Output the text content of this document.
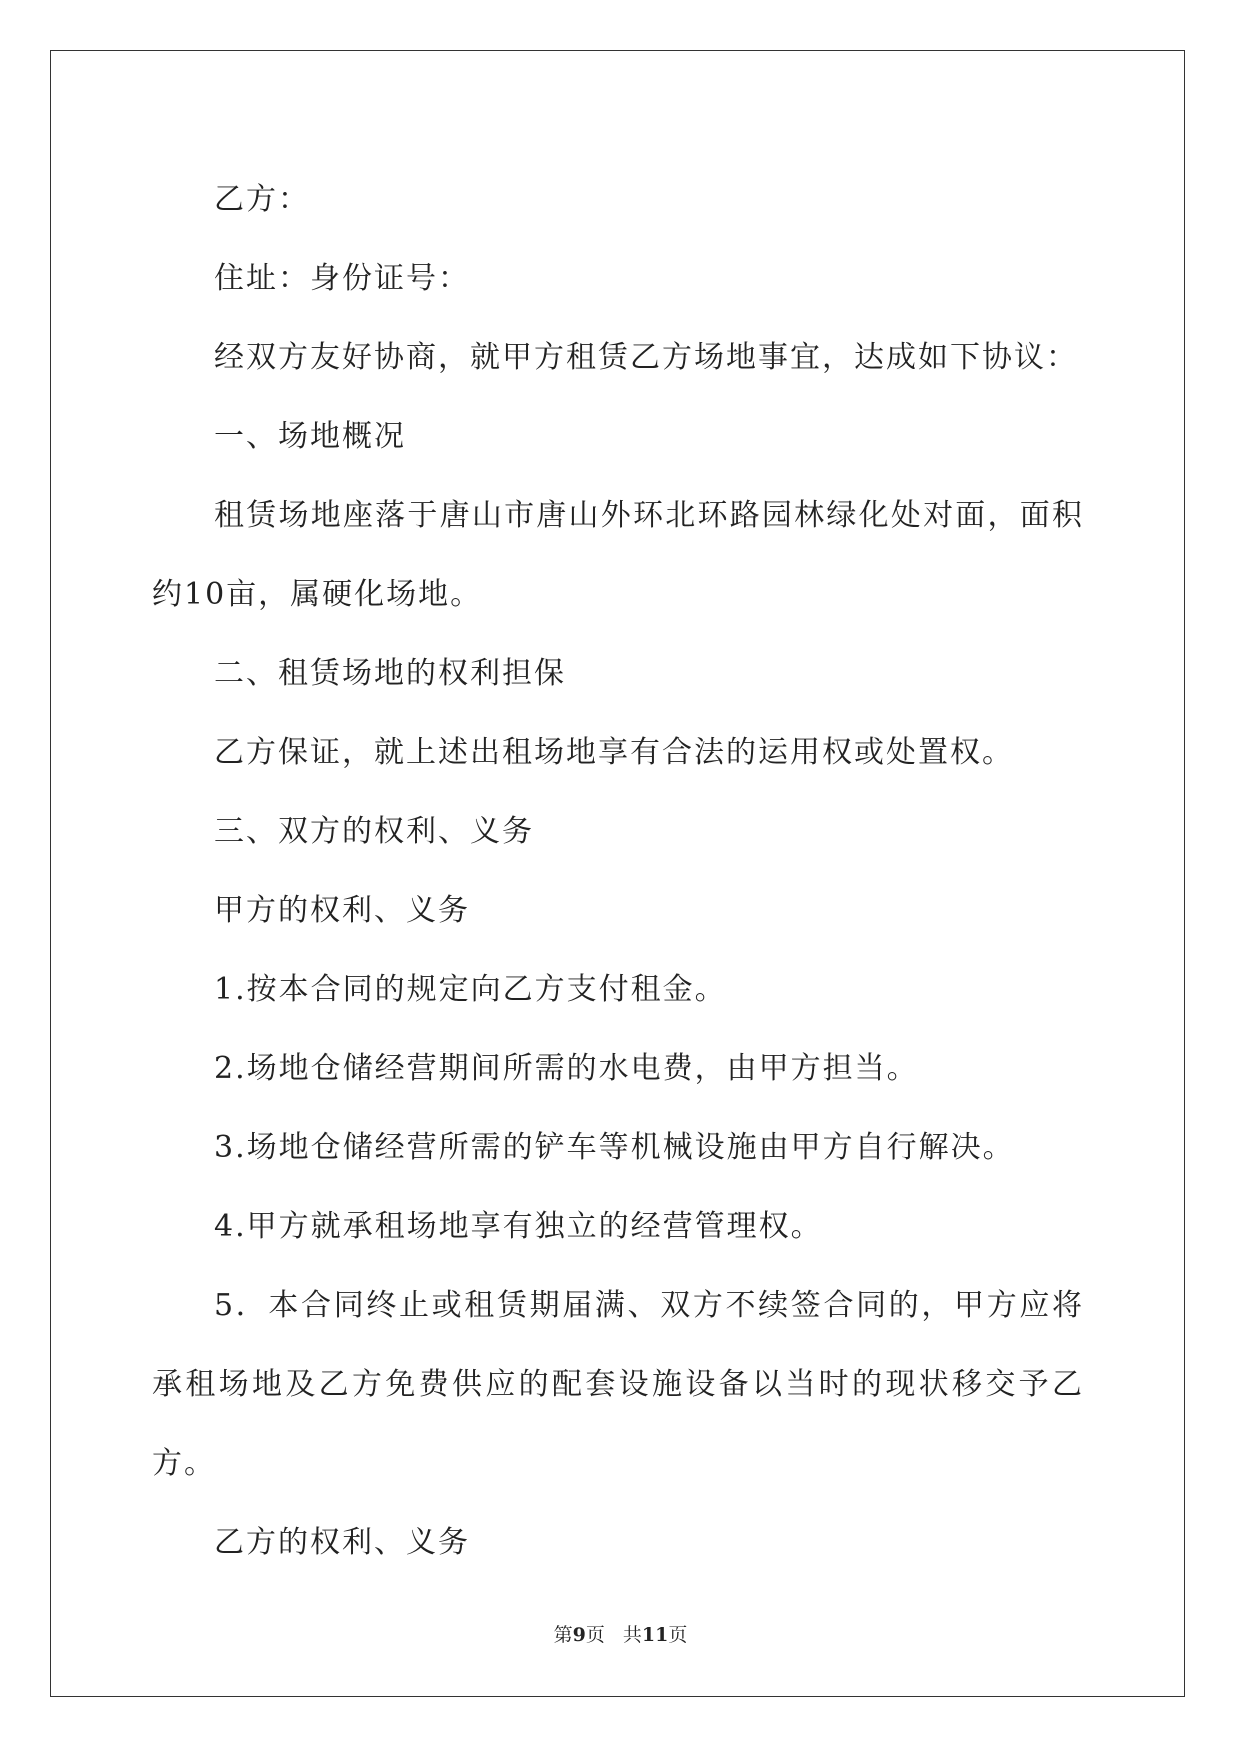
乙方：

住址：身份证号：

经双方友好协商，就甲方租赁乙方场地事宜，达成如下协议：

一、场地概况

租赁场地座落于唐山市唐山外环北环路园林绿化处对面，面积约10亩，属硬化场地。

二、租赁场地的权利担保

乙方保证，就上述出租场地享有合法的运用权或处置权。

三、双方的权利、义务

甲方的权利、义务

1.按本合同的规定向乙方支付租金。

2.场地仓储经营期间所需的水电费，由甲方担当。

3.场地仓储经营所需的铲车等机械设施由甲方自行解决。

4.甲方就承租场地享有独立的经营管理权。

5．本合同终止或租赁期届满、双方不续签合同的，甲方应将承租场地及乙方免费供应的配套设施设备以当时的现状移交予乙方。

乙方的权利、义务

第9页 共11页
